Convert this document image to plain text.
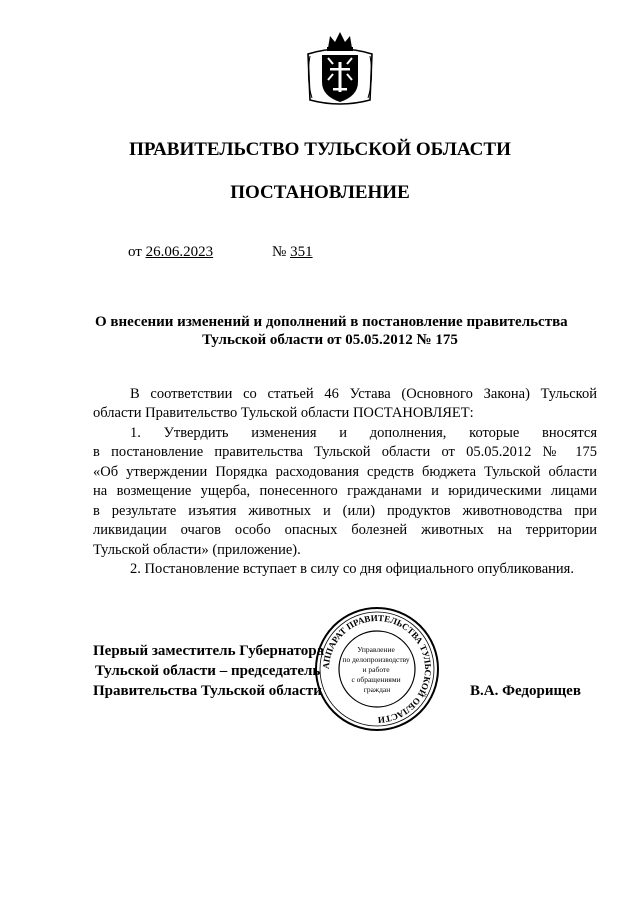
ПРАВИТЕЛЬСТВО ТУЛЬСКОЙ ОБЛАСТИ
ПОСТАНОВЛЕНИЕ
от 26.06.2023	№ 351
О внесении изменений и дополнений в постановление правительства
Тульской области от 05.05.2012 № 175
В соответствии со статьей 46 Устава (Основного Закона) Тульской
области Правительство Тульской области ПОСТАНОВЛЯЕТ:
1. Утвердить изменения и дополнения, которые вносятся
в постановление правительства Тульской области от 05.05.2012 № 175
«Об утверждении Порядка расходования средств бюджета Тульской области
на возмещение ущерба, понесенного гражданами и юридическими лицами
в результате изъятия животных и (или) продуктов животноводства при
ликвидации очагов особо опасных болезней животных на территории
Тульской области» (приложение).
2. Постановление вступает в силу со дня официального опубликования.
Первый заместитель Губернатора
Тульской области – председатель
Правительства Тульской области	В.А. Федорищев
АППАРАТ ПРАВИТЕЛЬСТВА ТУЛЬСКОЙ ОБЛАСТИ
Управление по делопроизводству и работе с обращениями граждан
